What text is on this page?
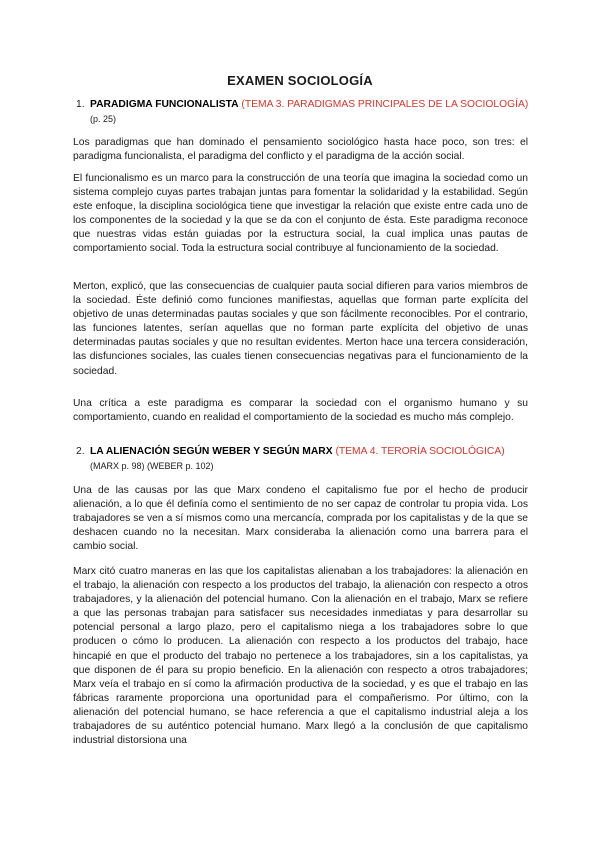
EXAMEN SOCIOLOGÍA
1. PARADIGMA FUNCIONALISTA (TEMA 3. PARADIGMAS PRINCIPALES DE LA SOCIOLOGÍA) (p. 25)

Los paradigmas que han dominado el pensamiento sociológico hasta hace poco, son tres: el paradigma funcionalista, el paradigma del conflicto y el paradigma de la acción social.

El funcionalismo es un marco para la construcción de una teoría que imagina la sociedad como un sistema complejo cuyas partes trabajan juntas para fomentar la solidaridad y la estabilidad. Según este enfoque, la disciplina sociológica tiene que investigar la relación que existe entre cada uno de los componentes de la sociedad y la que se da con el conjunto de ésta. Este paradigma reconoce que nuestras vidas están guiadas por la estructura social, la cual implica unas pautas de comportamiento social. Toda la estructura social contribuye al funcionamiento de la sociedad.

Merton, explicó, que las consecuencias de cualquier pauta social difieren para varios miembros de la sociedad. Éste definió como funciones manifiestas, aquellas que forman parte explícita del objetivo de unas determinadas pautas sociales y que son fácilmente reconocibles. Por el contrario, las funciones latentes, serían aquellas que no forman parte explícita del objetivo de unas determinadas pautas sociales y que no resultan evidentes. Merton hace una tercera consideración, las disfunciones sociales, las cuales tienen consecuencias negativas para el funcionamiento de la sociedad.

Una crítica a este paradigma es comparar la sociedad con el organismo humano y su comportamiento, cuando en realidad el comportamiento de la sociedad es mucho más complejo.

2. LA ALIENACIÓN SEGÚN WEBER Y SEGÚN MARX (TEMA 4. TERORÍA SOCIOLÓGICA) (MARX p. 98) (WEBER p. 102)

Una de las causas por las que Marx condeno el capitalismo fue por el hecho de producir alienación, a lo que él definía como el sentimiento de no ser capaz de controlar tu propia vida. Los trabajadores se ven a sí mismos como una mercancía, comprada por los capitalistas y de la que se deshacen cuando no la necesitan. Marx consideraba la alienación como una barrera para el cambio social.

Marx citó cuatro maneras en las que los capitalistas alienaban a los trabajadores: la alienación en el trabajo, la alienación con respecto a los productos del trabajo, la alienación con respecto a otros trabajadores, y la alienación del potencial humano. Con la alienación en el trabajo, Marx se refiere a que las personas trabajan para satisfacer sus necesidades inmediatas y para desarrollar su potencial personal a largo plazo, pero el capitalismo niega a los trabajadores sobre lo que producen o cómo lo producen. La alienación con respecto a los productos del trabajo, hace hincapié en que el producto del trabajo no pertenece a los trabajadores, sin a los capitalistas, ya que disponen de él para su propio beneficio. En la alienación con respecto a otros trabajadores; Marx veía el trabajo en sí como la afirmación productiva de la sociedad, y es que el trabajo en las fábricas raramente proporciona una oportunidad para el compañerismo. Por último, con la alienación del potencial humano, se hace referencia a que el capitalismo industrial aleja a los trabajadores de su auténtico potencial humano. Marx llegó a la conclusión de que capitalismo industrial distorsiona una
